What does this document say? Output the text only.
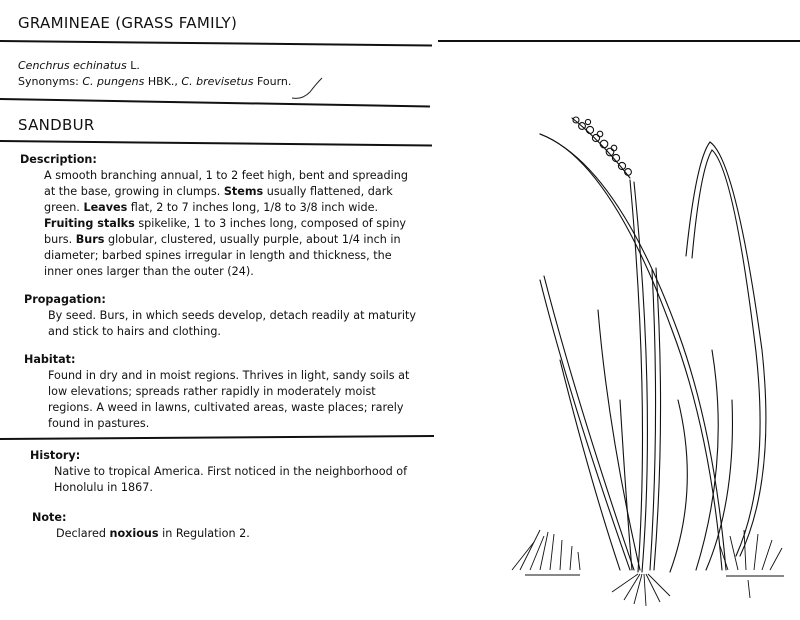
GRAMINEAE (GRASS FAMILY)
Cenchrus echinatus L.
Synonyms: C. pungens HBK., C. brevisetus Fourn.
SANDBUR
Description:
A smooth branching annual, 1 to 2 feet high, bent and spreading at the base, growing in clumps. Stems usually flattened, dark green. Leaves flat, 2 to 7 inches long, 1/8 to 3/8 inch wide. Fruiting stalks spikelike, 1 to 3 inches long, composed of spiny burs. Burs globular, clustered, usually purple, about 1/4 inch in diameter; barbed spines irregular in length and thickness, the inner ones larger than the outer (24).
Propagation:
By seed. Burs, in which seeds develop, detach readily at maturity and stick to hairs and clothing.
Habitat:
Found in dry and in moist regions. Thrives in light, sandy soils at low elevations; spreads rather rapidly in moderately moist regions. A weed in lawns, cultivated areas, waste places; rarely found in pastures.
History:
Native to tropical America. First noticed in the neighborhood of Honolulu in 1867.
Note:
Declared noxious in Regulation 2.
